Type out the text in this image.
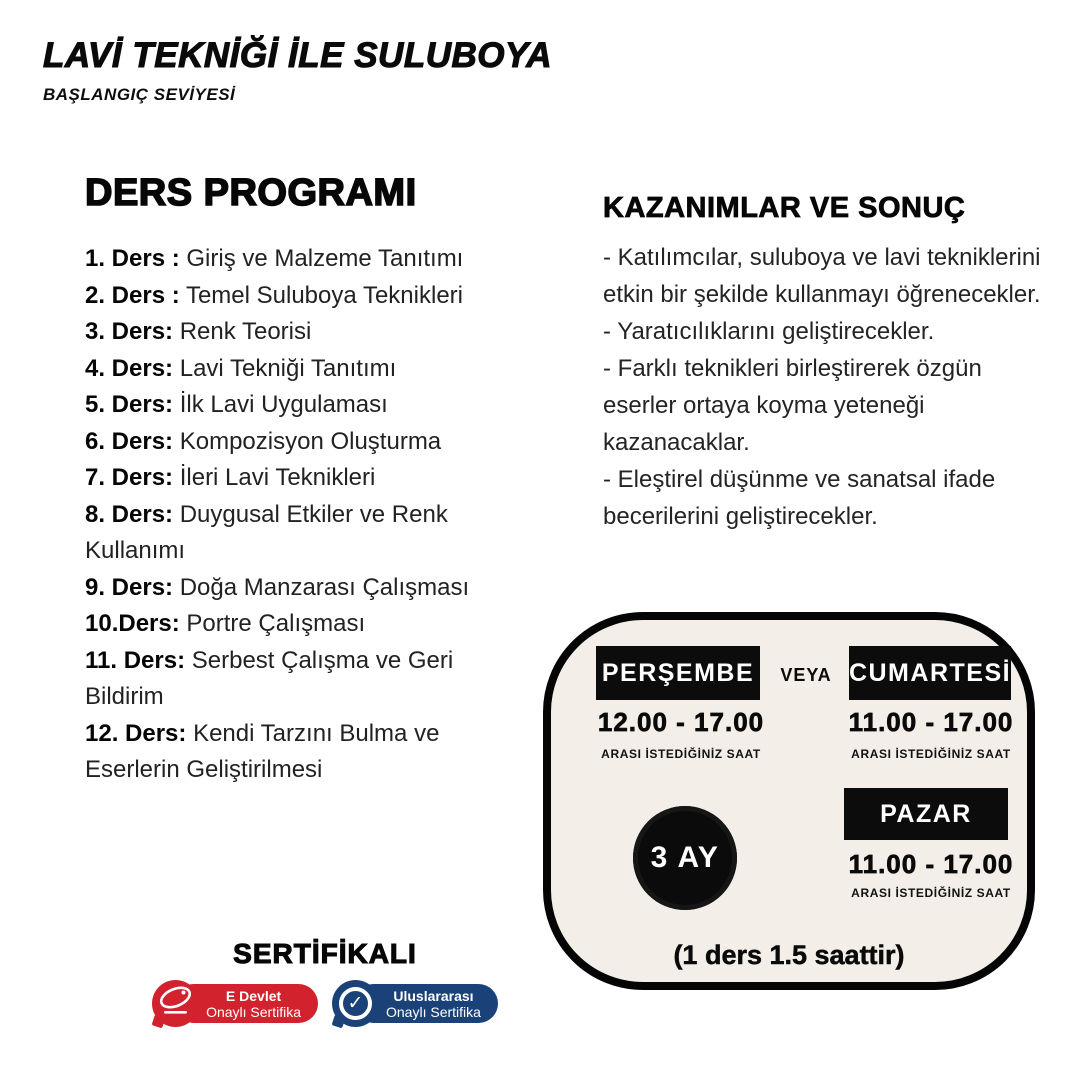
LAVİ TEKNİĞİ İLE SULUBOYA
BAŞLANGIÇ SEVİYESİ
DERS PROGRAMI

1. Ders : Giriş ve Malzeme Tanıtımı

2. Ders : Temel Suluboya Teknikleri

3. Ders: Renk Teorisi

4. Ders: Lavi Tekniği Tanıtımı

5. Ders: İlk Lavi Uygulaması

6. Ders: Kompozisyon Oluşturma

7. Ders: İleri Lavi Teknikleri

8. Ders: Duygusal Etkiler ve Renk Kullanımı

9. Ders: Doğa Manzarası Çalışması

10.Ders: Portre Çalışması

11. Ders: Serbest Çalışma ve Geri Bildirim

12. Ders: Kendi Tarzını Bulma ve Eserlerin Geliştirilmesi

KAZANIMLAR VE SONUÇ

- Katılımcılar, suluboya ve lavi tekniklerini etkin bir şekilde kullanmayı öğrenecekler.

- Yaratıcılıklarını geliştirecekler.

- Farklı teknikleri birleştirerek özgün eserler ortaya koyma yeteneği kazanacaklar.

- Eleştirel düşünme ve sanatsal ifade becerilerini geliştirecekler.

PERŞEMBE	VEYA CUMARTESİ
12.00 - 17.00	11.00 - 17.00
ARASI İSTEDİĞİNİZ SAAT	ARASI İSTEDİĞİNİZ SAAT
PAZAR
11.00 - 17.00
ARASI İSTEDİĞİNİZ SAAT
3 AY
(1 ders 1.5 saattir)
SERTİFİKALI
E Devlet
Onaylı Sertifika	✓	Uluslararası
Onaylı Sertifika
